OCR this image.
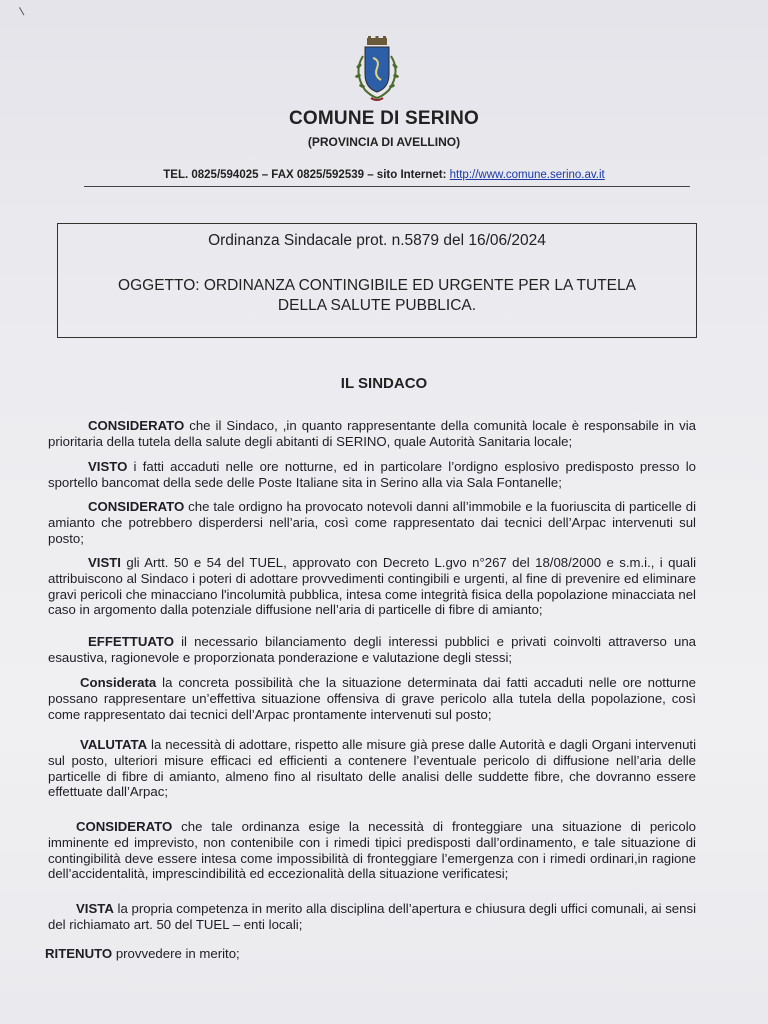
COMUNE DI SERINO
(PROVINCIA DI AVELLINO)
TEL. 0825/594025 – FAX 0825/592539 – sito Internet: http://www.comune.serino.av.it
Ordinanza Sindacale prot. n.5879 del 16/06/2024
OGGETTO: ORDINANZA CONTINGIBILE ED URGENTE PER LA TUTELA
DELLA SALUTE PUBBLICA.
IL SINDACO
CONSIDERATO che il Sindaco, ,in quanto rappresentante della comunità locale è responsabile in via prioritaria della tutela della salute degli abitanti di SERINO, quale Autorità Sanitaria locale;
VISTO i fatti accaduti nelle ore notturne, ed in particolare l’ordigno esplosivo predisposto presso lo sportello bancomat della sede delle Poste Italiane sita in Serino alla via Sala Fontanelle;
CONSIDERATO che tale ordigno ha provocato notevoli danni all’immobile e la fuoriuscita di particelle di amianto che potrebbero disperdersi nell’aria, così come rappresentato dai tecnici dell’Arpac intervenuti sul posto;
VISTI gli Artt. 50 e 54 del TUEL, approvato con Decreto L.gvo n°267 del 18/08/2000 e s.m.i., i quali attribuiscono al Sindaco i poteri di adottare provvedimenti contingibili e urgenti, al fine di prevenire ed eliminare gravi pericoli che minacciano l'incolumità pubblica, intesa come integrità fisica della popolazione minacciata nel caso in argomento dalla potenziale diffusione nell’aria di particelle di fibre di amianto;
EFFETTUATO il necessario bilanciamento degli interessi pubblici e privati coinvolti attraverso una esaustiva, ragionevole e proporzionata ponderazione e valutazione degli stessi;
Considerata la concreta possibilità che la situazione determinata dai fatti accaduti nelle ore notturne possano rappresentare un’effettiva situazione offensiva di grave pericolo alla tutela della popolazione, così come rappresentato dai tecnici dell’Arpac prontamente intervenuti sul posto;
VALUTATA la necessità di adottare, rispetto alle misure già prese dalle Autorità e dagli Organi intervenuti sul posto, ulteriori misure efficaci ed efficienti a contenere l’eventuale pericolo di diffusione nell’aria delle particelle di fibre di amianto, almeno fino al risultato delle analisi delle suddette fibre, che dovranno essere effettuate dall’Arpac;
CONSIDERATO che tale ordinanza esige la necessità di fronteggiare una situazione di pericolo imminente ed imprevisto, non contenibile con i rimedi tipici predisposti dall’ordinamento, e tale situazione di contingibilità deve essere intesa come impossibilità di fronteggiare l’emergenza con i rimedi ordinari,in ragione dell’accidentalità, imprescindibilità ed eccezionalità della situazione verificatesi;
VISTA la propria competenza in merito alla disciplina dell’apertura e chiusura degli uffici comunali, ai sensi del richiamato art. 50 del TUEL – enti locali;
RITENUTO provvedere in merito;
